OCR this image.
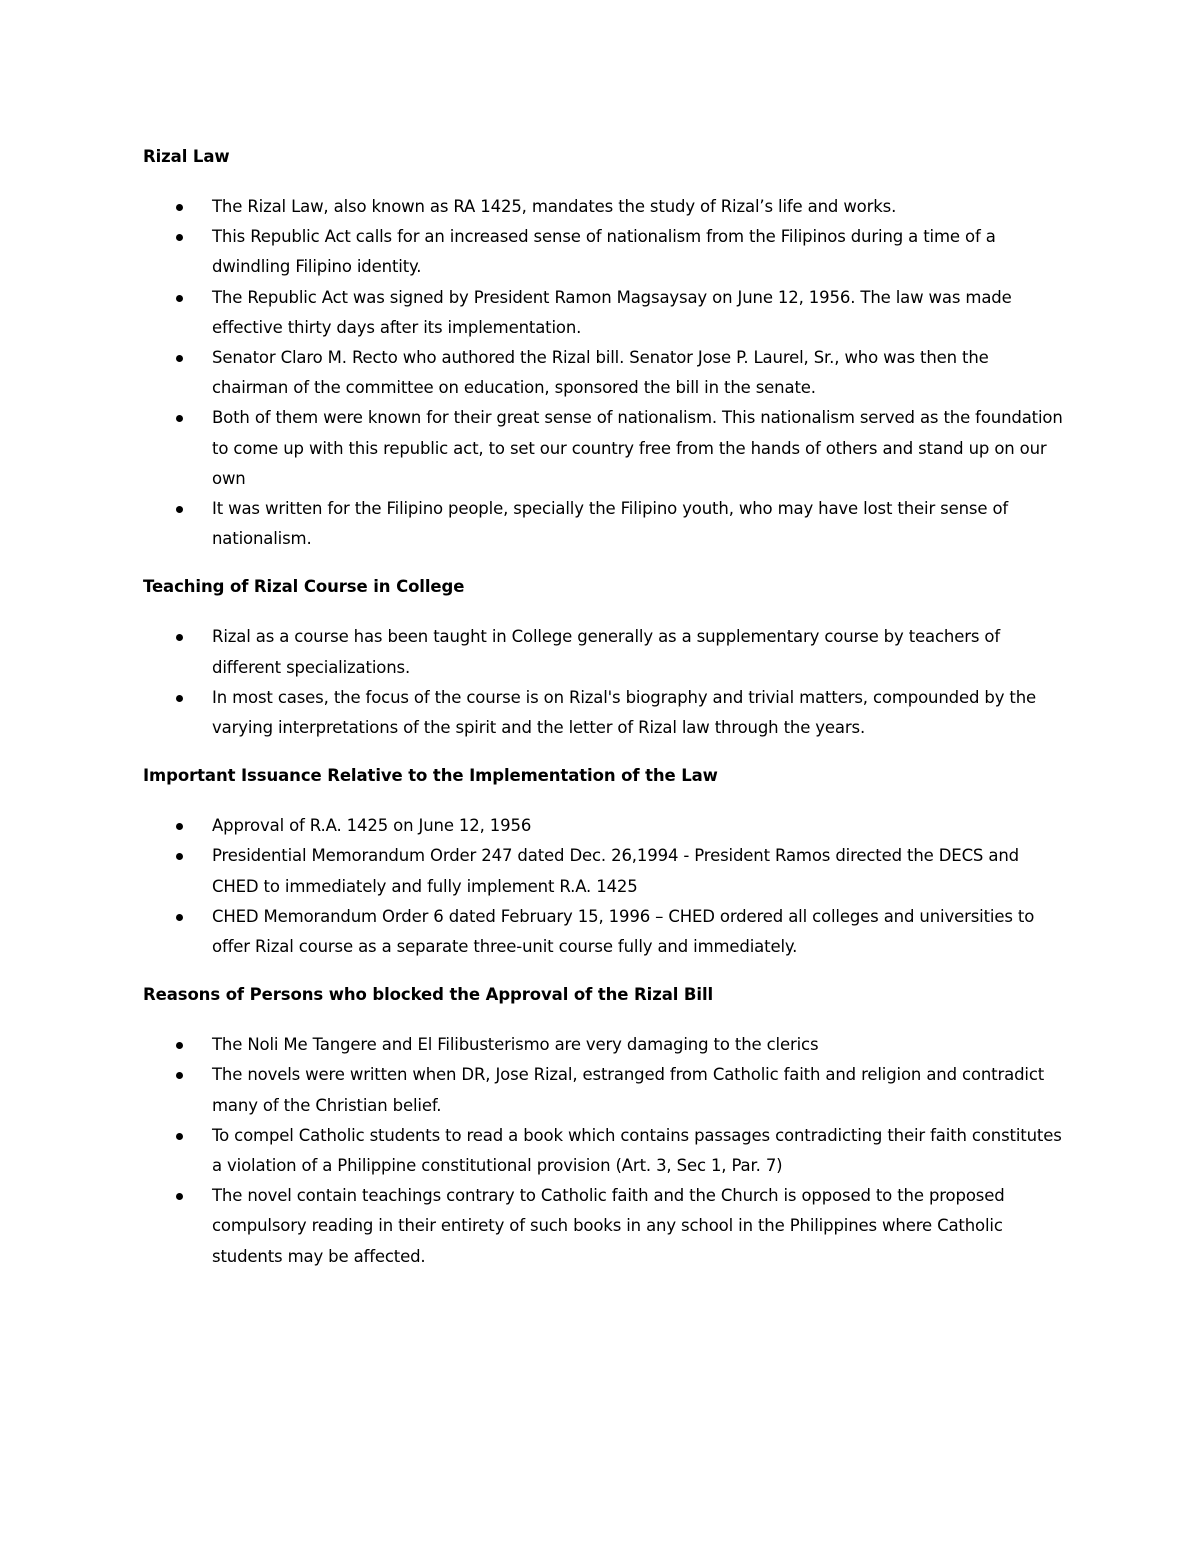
Rizal Law
The Rizal Law, also known as RA 1425, mandates the study of Rizal’s life and works.
This Republic Act calls for an increased sense of nationalism from the Filipinos during a time of a dwindling Filipino identity.
The Republic Act was signed by President Ramon Magsaysay on June 12, 1956. The law was made effective thirty days after its implementation.
Senator Claro M. Recto who authored the Rizal bill. Senator Jose P. Laurel, Sr., who was then the chairman of the committee on education, sponsored the bill in the senate.
Both of them were known for their great sense of nationalism. This nationalism served as the foundation to come up with this republic act, to set our country free from the hands of others and stand up on our own
It was written for the Filipino people, specially the Filipino youth, who may have lost their sense of nationalism.
Teaching of Rizal Course in College
Rizal as a course has been taught in College generally as a supplementary course by teachers of different specializations.
In most cases, the focus of the course is on Rizal's biography and trivial matters, compounded by the varying interpretations of the spirit and the letter of Rizal law through the years.
Important Issuance Relative to the Implementation of the Law
Approval of R.A. 1425 on June 12, 1956
Presidential Memorandum Order 247 dated Dec. 26,1994 - President Ramos directed the DECS and CHED to immediately and fully implement R.A. 1425
CHED Memorandum Order 6 dated February 15, 1996 – CHED ordered all colleges and universities to offer Rizal course as a separate three-unit course fully and immediately.
Reasons of Persons who blocked the Approval of the Rizal Bill
The Noli Me Tangere and El Filibusterismo are very damaging to the clerics
The novels were written when DR, Jose Rizal, estranged from Catholic faith and religion and contradict many of the Christian belief.
To compel Catholic students to read a book which contains passages contradicting their faith constitutes a violation of a Philippine constitutional provision (Art. 3, Sec 1, Par. 7)
The novel contain teachings contrary to Catholic faith and the Church is opposed to the proposed compulsory reading in their entirety of such books in any school in the Philippines where Catholic students may be affected.
